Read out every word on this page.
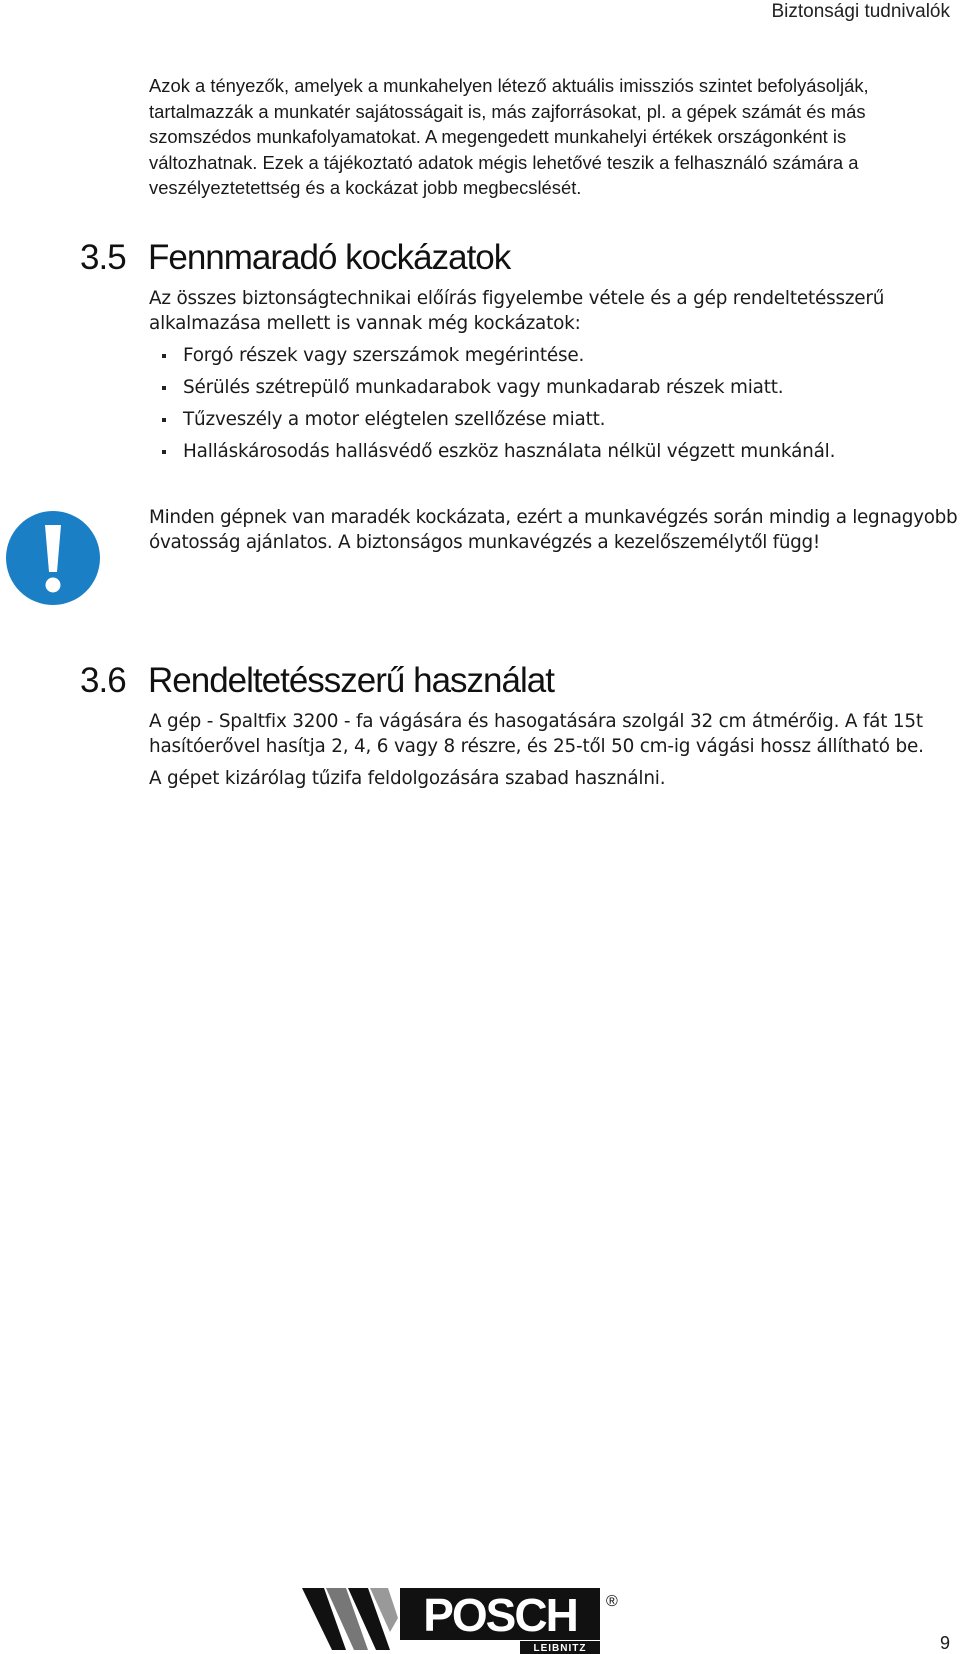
Biztonsági tudnivalók

Azok a tényezők, amelyek a munkahelyen létező aktuális imissziós szintet befolyásolják, tartalmazzák a munkatér sajátosságait is, más zajforrásokat, pl. a gépek számát és más szomszédos munkafolyamatokat. A megengedett munkahelyi értékek országonként is változhatnak. Ezek a tájékoztató adatok mégis lehetővé teszik a felhasználó számára a veszélyeztetettség és a kockázat jobb megbecslését.

3.5 Fennmaradó kockázatok

Az összes biztonságtechnikai előírás figyelembe vétele és a gép rendeltetésszerű alkalmazása mellett is vannak még kockázatok:

Forgó részek vagy szerszámok megérintése.
Sérülés szétrepülő munkadarabok vagy munkadarab részek miatt.
Tűzveszély a motor elégtelen szellőzése miatt.
Halláskárosodás hallásvédő eszköz használata nélkül végzett munkánál.

Minden gépnek van maradék kockázata, ezért a munkavégzés során mindig a legnagyobb óvatosság ajánlatos. A biztonságos munkavégzés a kezelőszemélytől függ!

3.6 Rendeltetésszerű használat

A gép - Spaltfix 3200 - fa vágására és hasogatására szolgál 32 cm átmérőig. A fát 15t hasítóerővel hasítja 2, 4, 6 vagy 8 részre, és 25-től 50 cm-ig vágási hossz állítható be.

A gépet kizárólag tűzifa feldolgozására szabad használni.

POSCH
LEIBNITZ
®
9
